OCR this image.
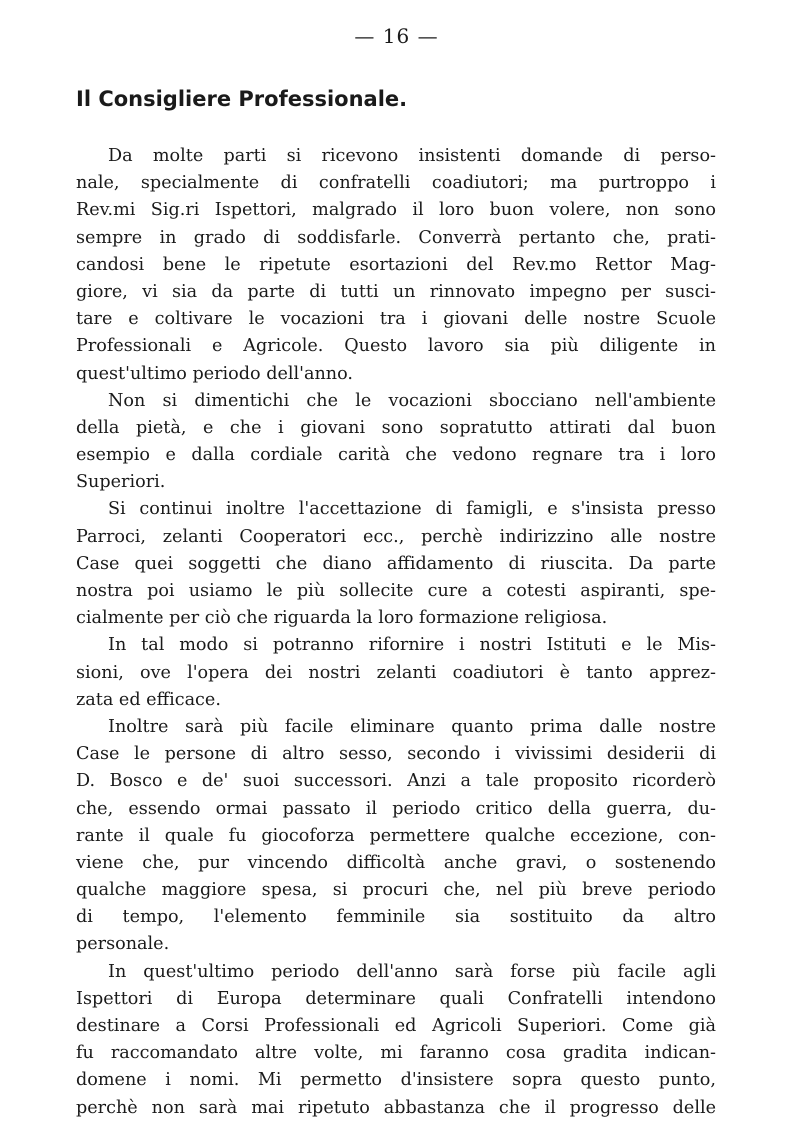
— 16 —
Il Consigliere Professionale.
Da molte parti si ricevono insistenti domande di perso-
nale, specialmente di confratelli coadiutori; ma purtroppo i
Rev.mi Sig.ri Ispettori, malgrado il loro buon volere, non sono
sempre in grado di soddisfarle. Converrà pertanto che, prati-
candosi bene le ripetute esortazioni del Rev.mo Rettor Mag-
giore, vi sia da parte di tutti un rinnovato impegno per susci-
tare e coltivare le vocazioni tra i giovani delle nostre Scuole
Professionali e Agricole. Questo lavoro sia più diligente in
quest'ultimo periodo dell'anno.
Non si dimentichi che le vocazioni sbocciano nell'ambiente
della pietà, e che i giovani sono sopratutto attirati dal buon
esempio e dalla cordiale carità che vedono regnare tra i loro
Superiori.
Si continui inoltre l'accettazione di famigli, e s'insista presso
Parroci, zelanti Cooperatori ecc., perchè indirizzino alle nostre
Case quei soggetti che diano affidamento di riuscita. Da parte
nostra poi usiamo le più sollecite cure a cotesti aspiranti, spe-
cialmente per ciò che riguarda la loro formazione religiosa.
In tal modo si potranno rifornire i nostri Istituti e le Mis-
sioni, ove l'opera dei nostri zelanti coadiutori è tanto apprez-
zata ed efficace.
Inoltre sarà più facile eliminare quanto prima dalle nostre
Case le persone di altro sesso, secondo i vivissimi desiderii di
D. Bosco e de' suoi successori. Anzi a tale proposito ricorderò
che, essendo ormai passato il periodo critico della guerra, du-
rante il quale fu giocoforza permettere qualche eccezione, con-
viene che, pur vincendo difficoltà anche gravi, o sostenendo
qualche maggiore spesa, si procuri che, nel più breve periodo
di tempo, l'elemento femminile sia sostituito da altro
personale.
In quest'ultimo periodo dell'anno sarà forse più facile agli
Ispettori di Europa determinare quali Confratelli intendono
destinare a Corsi Professionali ed Agricoli Superiori. Come già
fu raccomandato altre volte, mi faranno cosa gradita indican-
domene i nomi. Mi permetto d'insistere sopra questo punto,
perchè non sarà mai ripetuto abbastanza che il progresso delle
